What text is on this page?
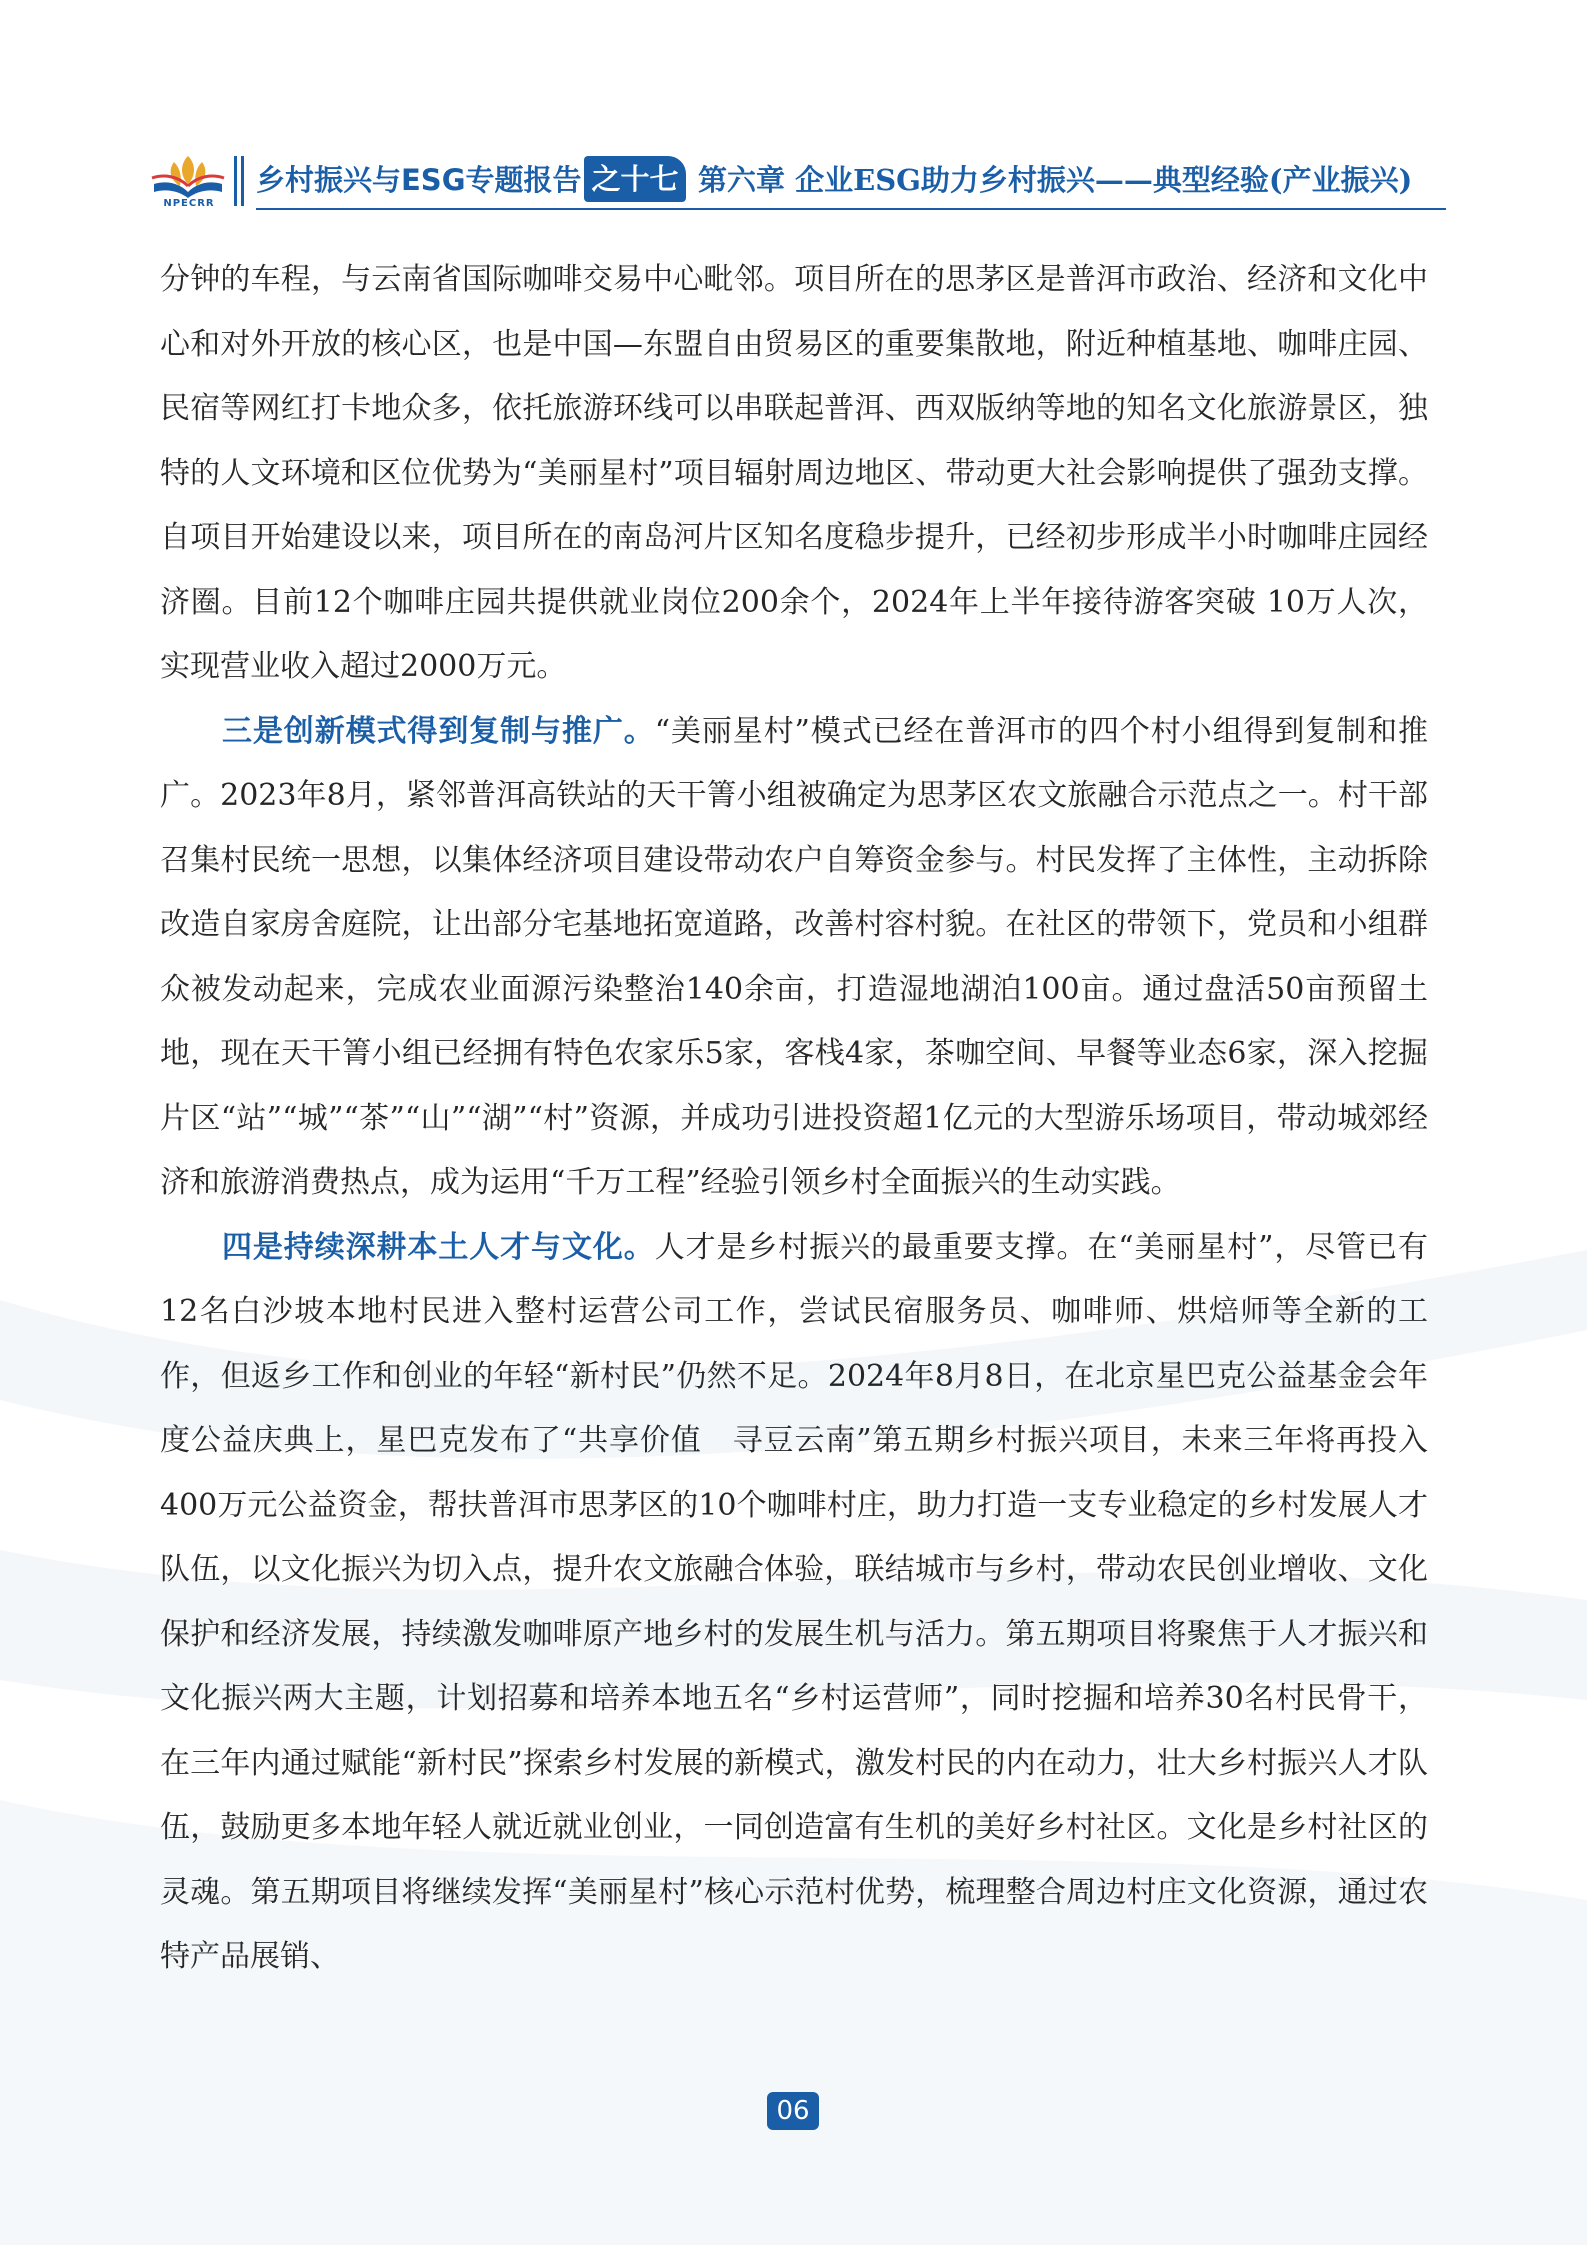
NPECRR
乡村振兴与ESG专题报告 之十七 第六章 企业ESG助力乡村振兴——典型经验(产业振兴)

分钟的车程，与云南省国际咖啡交易中心毗邻。项目所在的思茅区是普洱市政治、经济和文化中心和对外开放的核心区，也是中国—东盟自由贸易区的重要集散地，附近种植基地、咖啡庄园、民宿等网红打卡地众多，依托旅游环线可以串联起普洱、西双版纳等地的知名文化旅游景区，独特的人文环境和区位优势为“美丽星村”项目辐射周边地区、带动更大社会影响提供了强劲支撑。自项目开始建设以来，项目所在的南岛河片区知名度稳步提升，已经初步形成半小时咖啡庄园经济圈。目前12个咖啡庄园共提供就业岗位200余个，2024年上半年接待游客突破 10万人次，实现营业收入超过2000万元。

三是创新模式得到复制与推广。“美丽星村”模式已经在普洱市的四个村小组得到复制和推广。2023年8月，紧邻普洱高铁站的天干箐小组被确定为思茅区农文旅融合示范点之一。村干部召集村民统一思想，以集体经济项目建设带动农户自筹资金参与。村民发挥了主体性，主动拆除改造自家房舍庭院，让出部分宅基地拓宽道路，改善村容村貌。在社区的带领下，党员和小组群众被发动起来，完成农业面源污染整治140余亩，打造湿地湖泊100亩。通过盘活50亩预留土地，现在天干箐小组已经拥有特色农家乐5家，客栈4家，茶咖空间、早餐等业态6家，深入挖掘片区“站”“城”“茶”“山”“湖”“村”资源，并成功引进投资超1亿元的大型游乐场项目，带动城郊经济和旅游消费热点，成为运用“千万工程”经验引领乡村全面振兴的生动实践。

四是持续深耕本土人才与文化。人才是乡村振兴的最重要支撑。在“美丽星村”，尽管已有12名白沙坡本地村民进入整村运营公司工作，尝试民宿服务员、咖啡师、烘焙师等全新的工作，但返乡工作和创业的年轻“新村民”仍然不足。2024年8月8日，在北京星巴克公益基金会年度公益庆典上，星巴克发布了“共享价值　寻豆云南”第五期乡村振兴项目，未来三年将再投入400万元公益资金，帮扶普洱市思茅区的10个咖啡村庄，助力打造一支专业稳定的乡村发展人才队伍，以文化振兴为切入点，提升农文旅融合体验，联结城市与乡村，带动农民创业增收、文化保护和经济发展，持续激发咖啡原产地乡村的发展生机与活力。第五期项目将聚焦于人才振兴和文化振兴两大主题，计划招募和培养本地五名“乡村运营师”，同时挖掘和培养30名村民骨干，在三年内通过赋能“新村民”探索乡村发展的新模式，激发村民的内在动力，壮大乡村振兴人才队伍，鼓励更多本地年轻人就近就业创业，一同创造富有生机的美好乡村社区。文化是乡村社区的灵魂。第五期项目将继续发挥“美丽星村”核心示范村优势，梳理整合周边村庄文化资源，通过农特产品展销、

06
